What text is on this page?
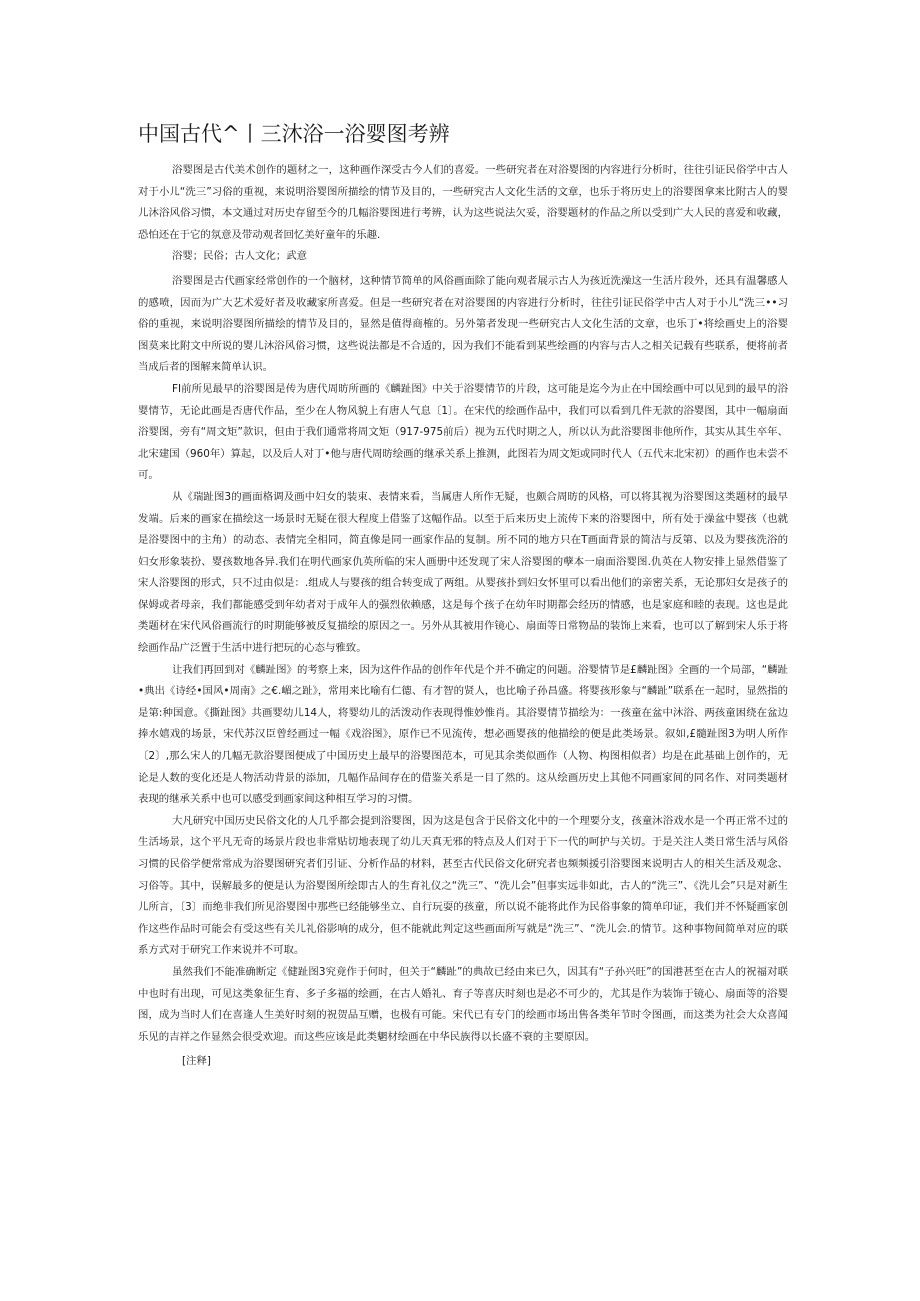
中国古代^丨三沐浴一浴婴图考辨

浴婴图是古代美术创作的题材之一，这种画作深受古今人们的喜爱。一些研究者在对浴婴图的内容进行分析时，往往引证民俗学中古人对于小儿“洗三”习俗的重视，来说明浴婴图所描绘的情节及目的，一些研究古人文化生活的文章，也乐于将历史上的浴婴图拿来比附古人的婴儿沐浴风俗习惯，本文通过对历史存留至今的几幅浴婴图进行考辨，认为这些说法欠妥，浴婴题材的作品之所以受到广大人民的喜爱和收藏，恐怕还在于它的氛意及带动观者回忆美好童年的乐趣.

浴婴；民俗；古人文化；武意

浴婴图是古代画家经常创作的一个脑材，这种情节简单的风俗画面除了能向观者展示古人为孩近洗澡这一生活片段外，还具有温馨感人的感喷，因而为广大艺术爱好者及收藏家所喜爱。但是一些研究者在对浴婴图的内容进行分析时，往往引证民俗学中古人对于小儿“洗三••习俗的重视，来说明浴婴图所描绘的情节及目的，显然是值得商榷的。另外第者发现一些研究古人文化生活的文章，也乐丁•将绘画史上的浴婴图莫来比附文中所说的婴儿沐浴风俗习惯，这些说法都是不合适的，因为我们不能看到某些绘画的内容与古人之相关记载有些联系，便将前者当成后者的图解来简单认识。

FI前所见最早的浴婴图是传为唐代周昉所画的《麟趾图》中关于浴婴情节的片段，这可能是迄今为止在中国绘画中可以见到的最早的浴婴情节，无论此画是否唐代作品，至少在人物风貌上有唐人气息〔1〕。在宋代的绘画作品中，我们可以看到几件无款的浴婴图，其中一幅扇面浴婴图，旁有“周文矩”款识，但由于我们通常将周文矩（917-975前后）视为五代时期之人，所以认为此浴婴图非他所作，其实从其生卒年、北宋建国（960年）算起，以及后人对丁•他与唐代周昉绘画的继承关系上推测，此图若为周文矩或同时代人（五代末北宋初）的画作也未尝不可。

从《瑞趾图3的画面格调及画中妇女的装束、表情来看，当属唐人所作无疑，也颇合周昉的风格，可以将其视为浴婴图这类题材的最早发端。后来的画家在描绘这一场景时无疑在很大程度上借鉴了这幅作品。以至于后来历史上流传下来的浴婴图中，所有处于澡盆中婴孩（也就是浴婴图中的主角）的动态、表情完全相同，简直像是同一画家作品的复制。所不同的地方只在T画面背景的简洁与反第、以及为婴孩洗浴的妇女形象装扮、婴孩数地各异.我们在明代画家仇英所临的宋人画册中还发现了宋人浴婴图的孽本一扇面浴婴图.仇英在人物安排上显然借鉴了宋人浴婴图的形式，只不过由似是：.组成人与婴孩的组合转变成了两组。从婴孩扑到妇女怀里可以看出他们的亲密关系，无论那妇女是孩子的保姆或者母亲，我们都能感受到年幼者对于成年人的强烈依赖感，这是每个孩子在幼年时期都会经历的情感，也是家庭和睦的表现。这也是此类题材在宋代风俗画流行的时期能够被反复描绘的原因之一。另外从其被用作镜心、扇面等日常物品的装饰上来看，也可以了解到宋人乐于将绘画作品广泛置于生活中进行把玩的心态与雅致。

让我们再回到对《麟趾图》的考察上来，因为这件作品的创作年代是个并不确定的问题。浴婴情节是£麟趾图》全画的一个局部，“麟趾•典出《诗经•国风•周南》之€.嵋之趾》，常用来比喻有仁德、有才智的贤人，也比喻子孙昌盛。将婴孩形象与“麟趾”联系在一起时，显然指的是第:种国意。《撕趾图》共画婴幼儿14人，将婴幼儿的活泼动作表现得惟妙惟肖。其浴婴情节描绘为：一孩童在盆中沐浴、两孩童困绕在盆边捧水嬉戏的场景，宋代苏汉臣曾经画过一幅《戏浴图》，原作已不见流传，想必画婴孩的他描绘的便是此类场景。叙如,£髓趾图3为明人所作〔2〕,那么宋人的几幅无款浴婴图便成了中国历史上最早的浴婴图范本，可见其余类似画作（人物、构图相似者）均是在此基础上创作的，无论是人数的变化还是人物活动背景的添加，几幅作品间存在的借鉴关系是一目了然的。这从绘画历史上其他不同画家间的同名作、对同类题材表现的继承关系中也可以感受到画家间这种相互学习的习惯。

大凡研究中国历史民俗文化的人几乎都会提到浴婴图，因为这是包含于民俗文化中的一个理要分支，孩童沐浴戏水是一个再正常不过的生活场景，这个平凡无奇的场景片段也非常贴切地表现了幼儿天真无邪的特点及人们对于下一代的呵护与关切。于是关注人类日常生活与风俗习惯的民俗学便常常成为浴婴图研究者们引证、分析作品的材料，甚至古代民俗文化研究者也频频援引浴婴图来说明古人的相关生活及观念、习俗等。其中，误解最多的便是认为浴婴图所绘即古人的生育礼仪之“洗三”、“洗儿会”但事实远非如此，古人的“洗三”、《洗儿会”只是对新生儿所言，〔3〕而绝非我们所见浴婴图中那些已经能够坐立、自行玩耍的孩童，所以说不能将此作为民俗事象的简单印证，我们并不怀疑画家创作这些作品时可能会有受这些有关儿礼俗影响的成分，但不能就此判定这些画面所写就是“洗三”、“洗儿会.的情节。这种事物间简单对应的联系方式对于研究工作来说并不可取。

虽然我们不能准确断定《健趾图3究竟作于何时，但关于“麟趾”的典故已经由来已久，因其有“子孙兴旺”的国港甚至在古人的祝福对联中也时有出现，可见这类象征生育、多子多福的绘画，在古人婚礼、育子等喜庆时刻也是必不可少的，尤其是作为装饰于镜心、扇面等的浴婴图，成为当时人们在喜逢人生美好时刻的祝贺品互赠，也极有可能。宋代已有专门的绘画市场出售各类年节时令图画，而这类为社会大众喜闻乐见的吉祥之作显然会很受欢迎。而这些应该是此类魍材绘画在中华民族得以长盛不衰的主要原因。

[注释]
